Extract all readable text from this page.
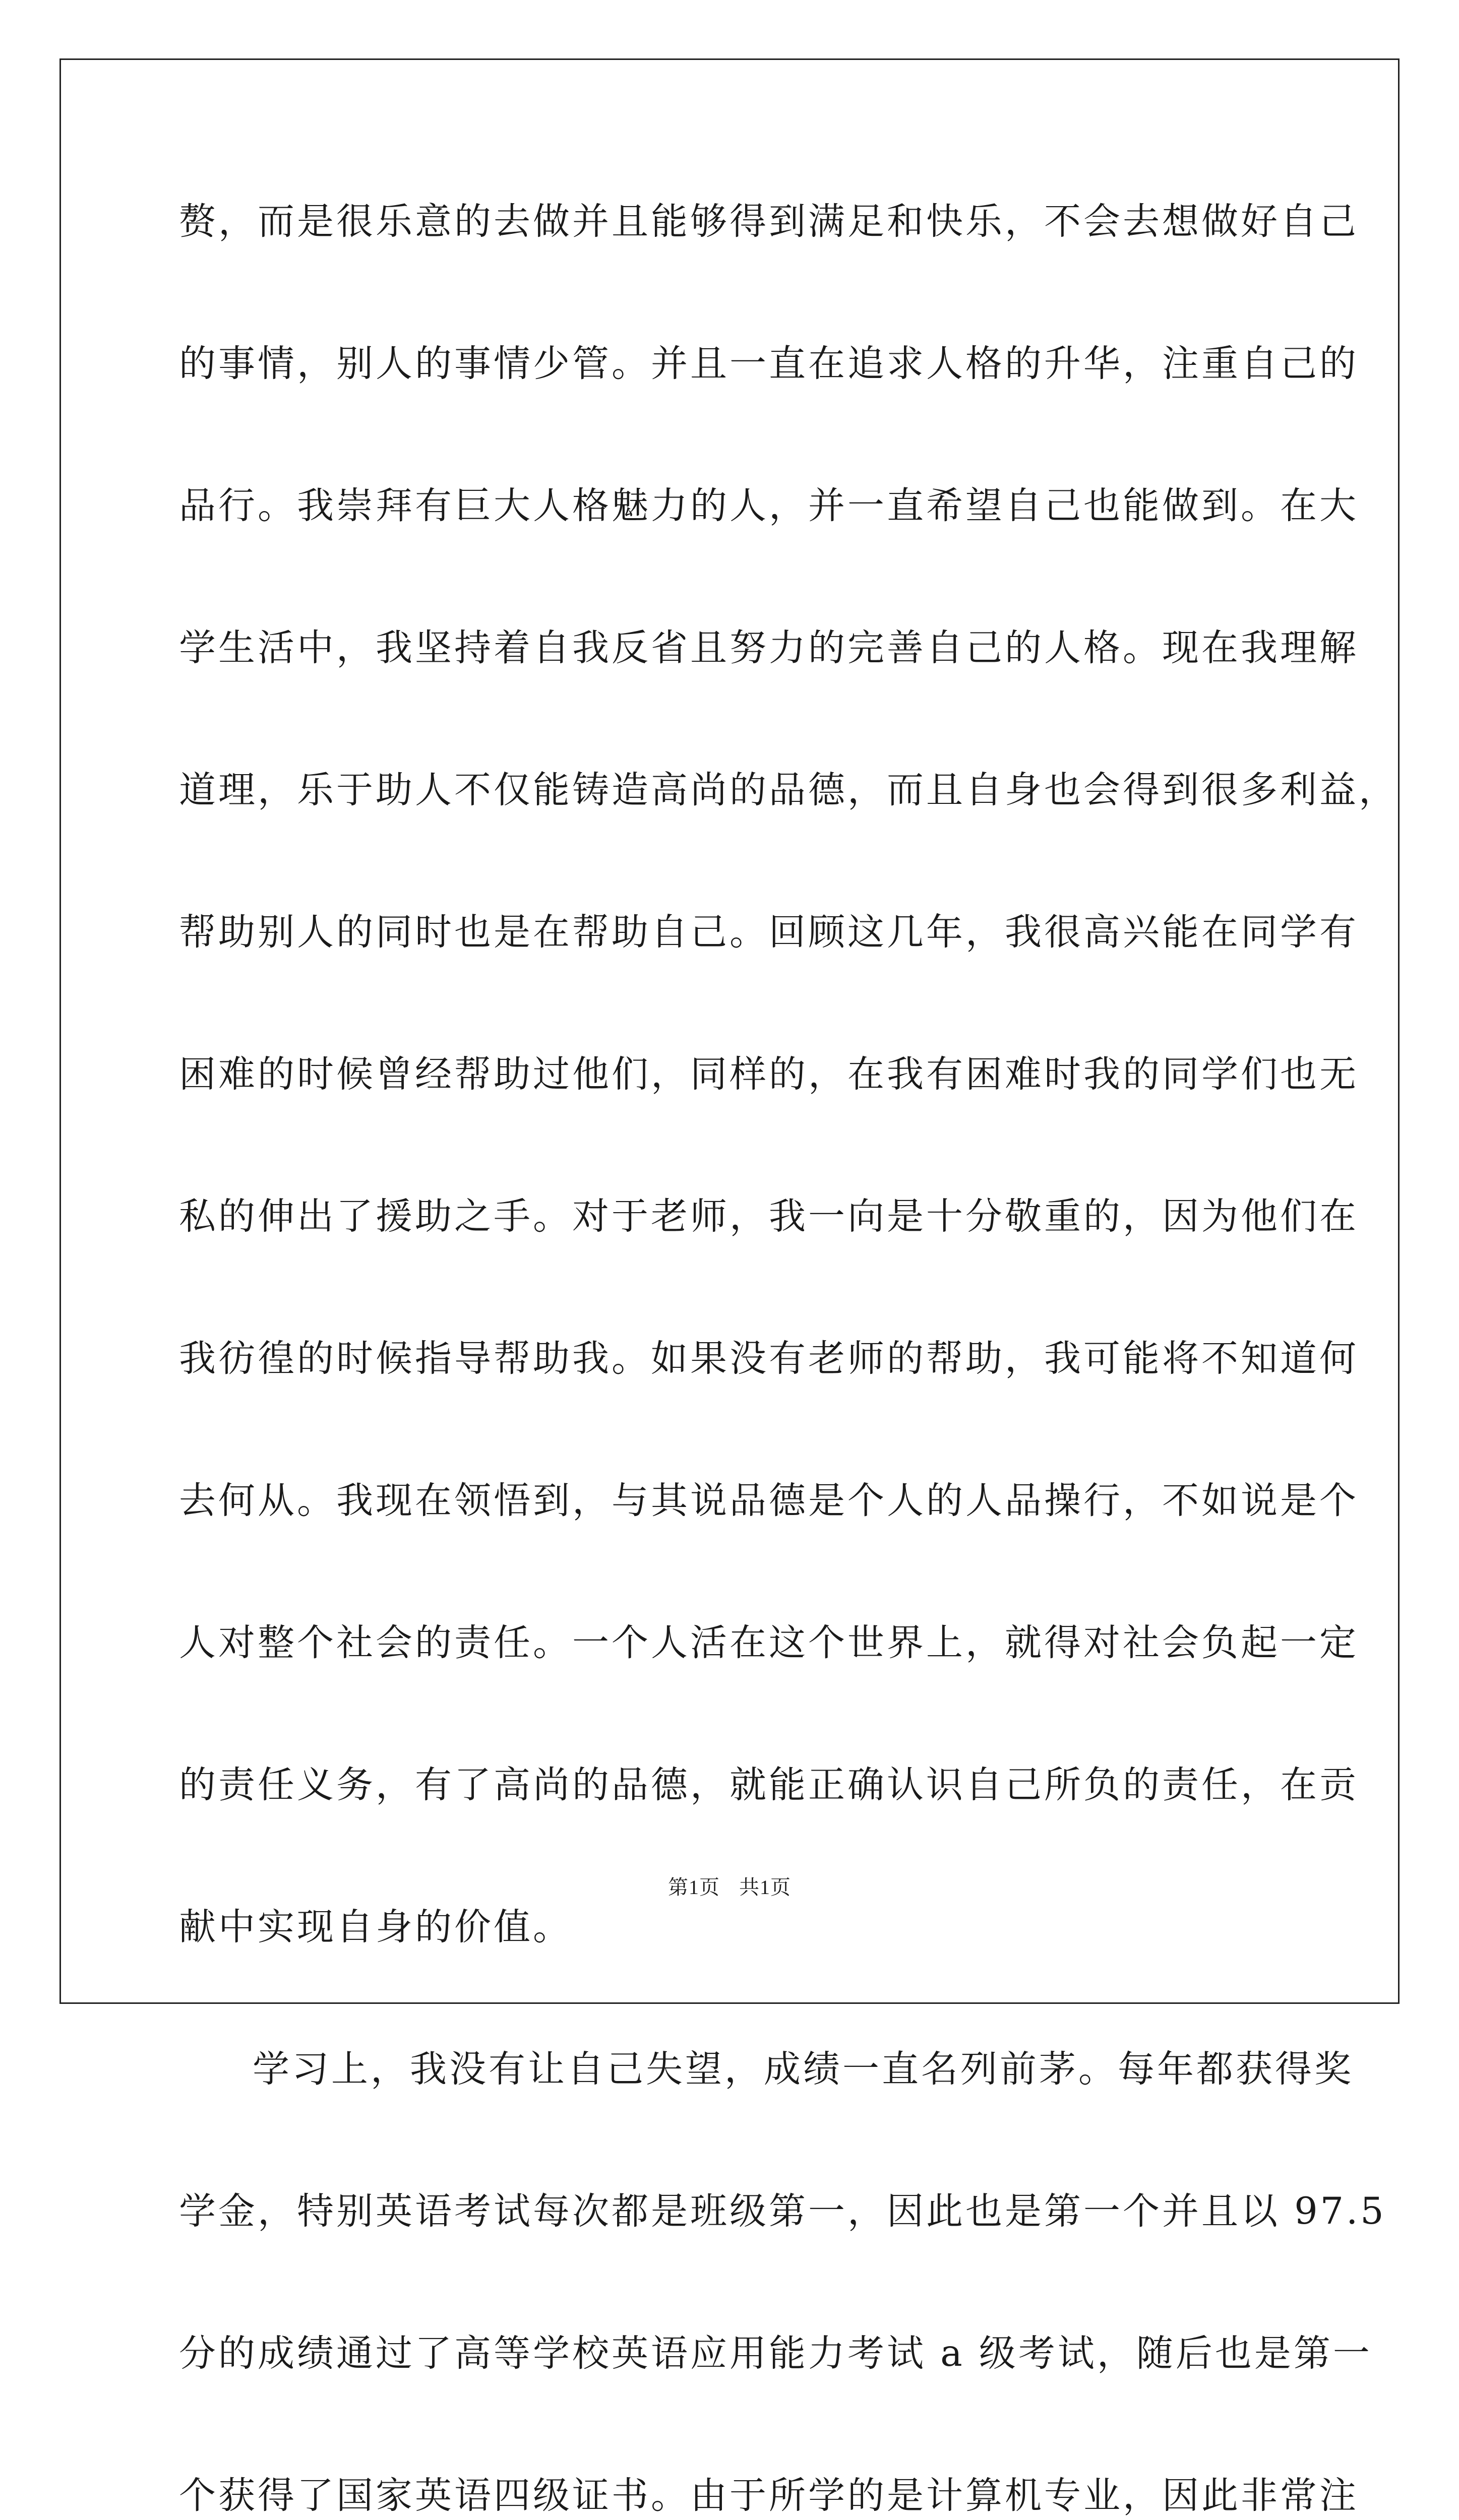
赘，而是很乐意的去做并且能够得到满足和快乐，不会去想做好自己
的事情，别人的事情少管。并且一直在追求人格的升华，注重自己的
品行。我崇拜有巨大人格魅力的人，并一直希望自己也能做到。在大
学生活中，我坚持着自我反省且努力的完善自己的人格。现在我理解
道理，乐于助人不仅能铸造高尚的品德，而且自身也会得到很多利益，
帮助别人的同时也是在帮助自己。回顾这几年，我很高兴能在同学有
困难的时候曾经帮助过他们，同样的，在我有困难时我的同学们也无
私的伸出了援助之手。对于老师，我一向是十分敬重的，因为他们在
我彷徨的时候指导帮助我。如果没有老师的帮助，我可能将不知道何
去何从。我现在领悟到，与其说品德是个人的人品操行，不如说是个
人对整个社会的责任。一个人活在这个世界上，就得对社会负起一定
的责任义务，有了高尚的品德，就能正确认识自己所负的责任，在贡
献中实现自身的价值。
学习上，我没有让自己失望，成绩一直名列前茅。每年都获得奖
学金，特别英语考试每次都是班级第一，因此也是第一个并且以 97.5
分的成绩通过了高等学校英语应用能力考试 a 级考试，随后也是第一
个获得了国家英语四级证书。由于所学的是计算机专业，因此非常注
第1页 共1页
